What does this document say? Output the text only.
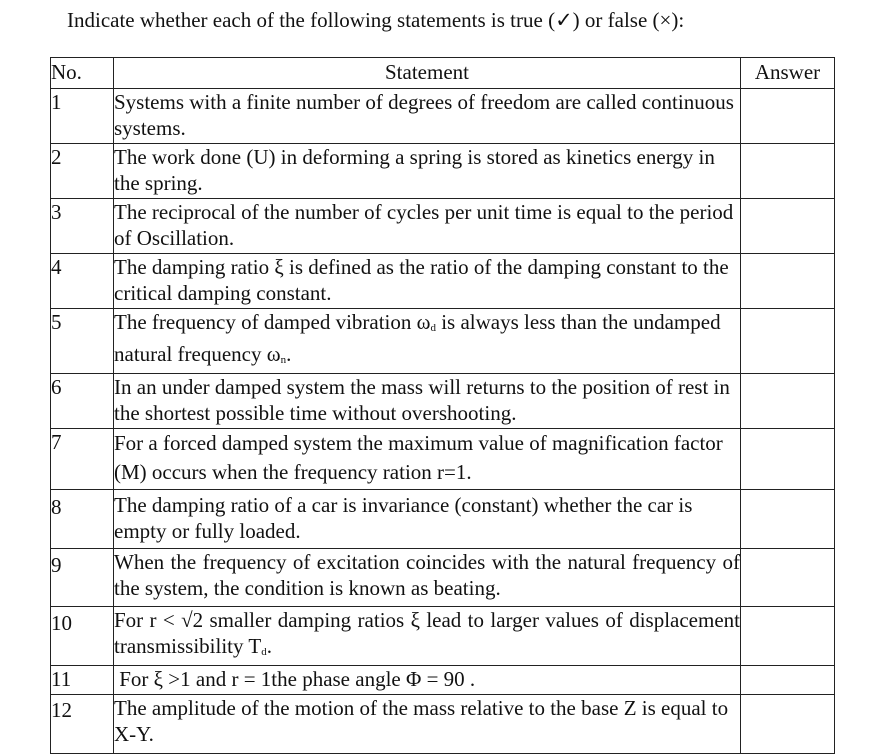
Indicate whether each of the following statements is true (✓) or false (×):
No.	Statement	Answer
1	Systems with a finite number of degrees of freedom are called continuous systems.	
2	The work done (U) in deforming a spring is stored as kinetics energy in the spring.	
3	The reciprocal of the number of cycles per unit time is equal to the period of Oscillation.	
4	The damping ratio ξ is defined as the ratio of the damping constant to the critical damping constant.	
5	The frequency of damped vibration $\omega_d$ is always less than the undamped natural frequency $\omega_n$.	
6	In an under damped system the mass will returns to the position of rest in the shortest possible time without overshooting.	
7	For a forced damped system the maximum value of magnification factor (M) occurs when the frequency ration r=1.	
8	The damping ratio of a car is invariance (constant) whether the car is empty or fully loaded.	
9	When the frequency of excitation coincides with the natural frequency of the system, the condition is known as beating.	
10	For r < √2 smaller damping ratios ξ lead to larger values of displacement transmissibility $T_d$.	
11	For ξ >1 and r = 1the phase angle Φ = 90 .	
12	The amplitude of the motion of the mass relative to the base Z is equal to X-Y.	
